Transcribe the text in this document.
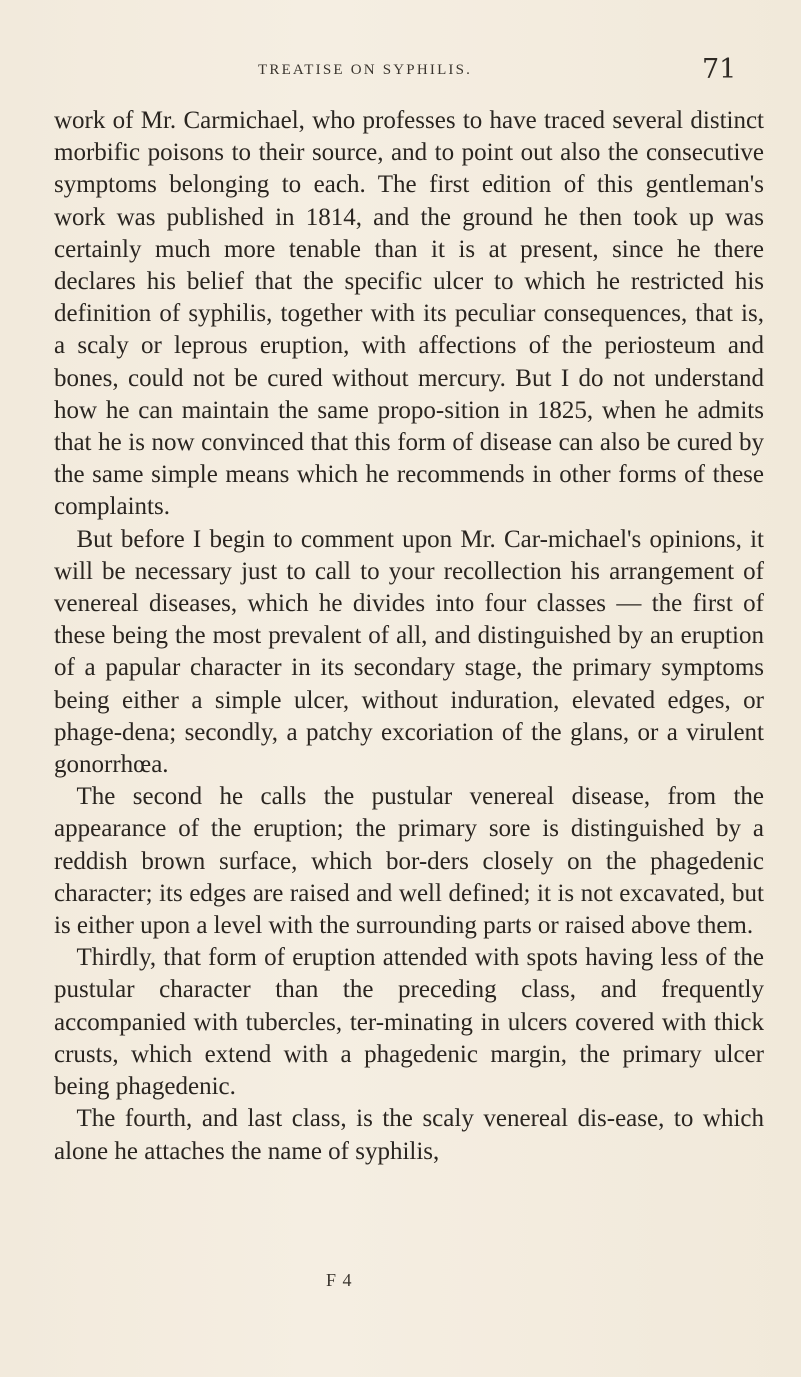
TREATISE ON SYPHILIS.	71

work of Mr. Carmichael, who professes to have traced several distinct morbific poisons to their source, and to point out also the consecutive symptoms belonging to each. The first edition of this gentleman's work was published in 1814, and the ground he then took up was certainly much more tenable than it is at present, since he there declares his belief that the specific ulcer to which he restricted his definition of syphilis, together with its peculiar consequences, that is, a scaly or leprous eruption, with affections of the periosteum and bones, could not be cured without mercury. But I do not understand how he can maintain the same propo-sition in 1825, when he admits that he is now convinced that this form of disease can also be cured by the same simple means which he recommends in other forms of these complaints.

But before I begin to comment upon Mr. Car-michael's opinions, it will be necessary just to call to your recollection his arrangement of venereal diseases, which he divides into four classes — the first of these being the most prevalent of all, and distinguished by an eruption of a papular character in its secondary stage, the primary symptoms being either a simple ulcer, without induration, elevated edges, or phage-dena; secondly, a patchy excoriation of the glans, or a virulent gonorrhœa.

The second he calls the pustular venereal disease, from the appearance of the eruption; the primary sore is distinguished by a reddish brown surface, which bor-ders closely on the phagedenic character; its edges are raised and well defined; it is not excavated, but is either upon a level with the surrounding parts or raised above them.

Thirdly, that form of eruption attended with spots having less of the pustular character than the preceding class, and frequently accompanied with tubercles, ter-minating in ulcers covered with thick crusts, which extend with a phagedenic margin, the primary ulcer being phagedenic.

The fourth, and last class, is the scaly venereal dis-ease, to which alone he attaches the name of syphilis,

F 4
